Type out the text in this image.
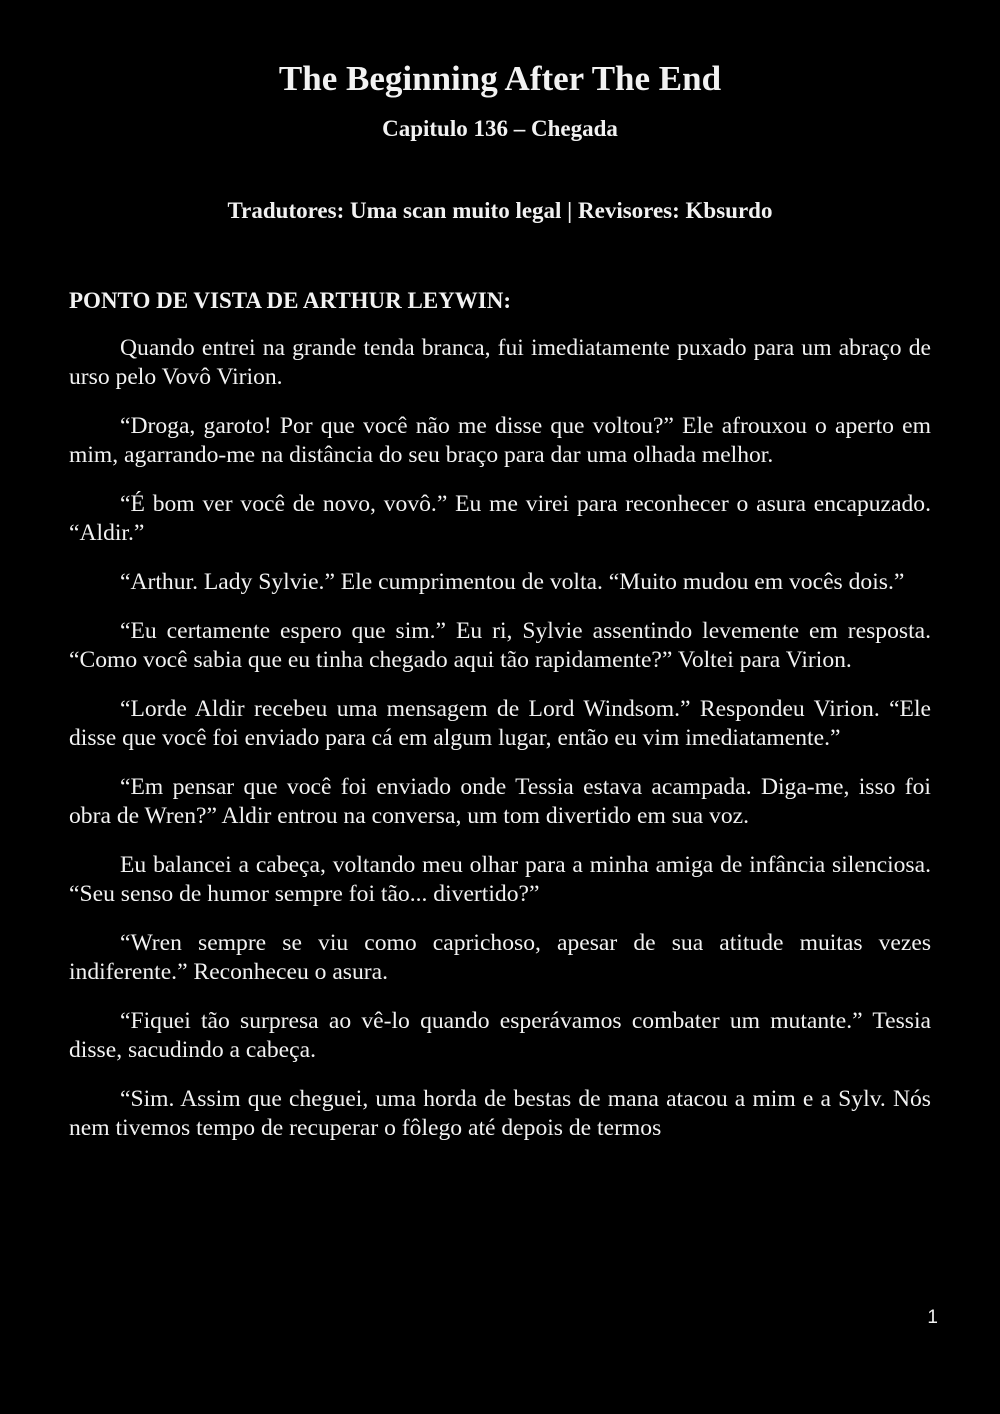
The Beginning After The End
Capitulo 136 – Chegada
Tradutores: Uma scan muito legal | Revisores: Kbsurdo
PONTO DE VISTA DE ARTHUR LEYWIN:

Quando entrei na grande tenda branca, fui imediatamente puxado para um abraço de urso pelo Vovô Virion.

“Droga, garoto! Por que você não me disse que voltou?” Ele afrouxou o aperto em mim, agarrando-me na distância do seu braço para dar uma olhada melhor.

“É bom ver você de novo, vovô.” Eu me virei para reconhecer o asura encapuzado. “Aldir.”

“Arthur. Lady Sylvie.” Ele cumprimentou de volta. “Muito mudou em vocês dois.”

“Eu certamente espero que sim.” Eu ri, Sylvie assentindo levemente em resposta. “Como você sabia que eu tinha chegado aqui tão rapidamente?” Voltei para Virion.

“Lorde Aldir recebeu uma mensagem de Lord Windsom.” Respondeu Virion. “Ele disse que você foi enviado para cá em algum lugar, então eu vim imediatamente.”

“Em pensar que você foi enviado onde Tessia estava acampada. Diga-me, isso foi obra de Wren?” Aldir entrou na conversa, um tom divertido em sua voz.

Eu balancei a cabeça, voltando meu olhar para a minha amiga de infância silenciosa. “Seu senso de humor sempre foi tão... divertido?”

“Wren sempre se viu como caprichoso, apesar de sua atitude muitas vezes indiferente.” Reconheceu o asura.

“Fiquei tão surpresa ao vê-lo quando esperávamos combater um mutante.” Tessia disse, sacudindo a cabeça.

“Sim. Assim que cheguei, uma horda de bestas de mana atacou a mim e a Sylv. Nós nem tivemos tempo de recuperar o fôlego até depois de termos

1
